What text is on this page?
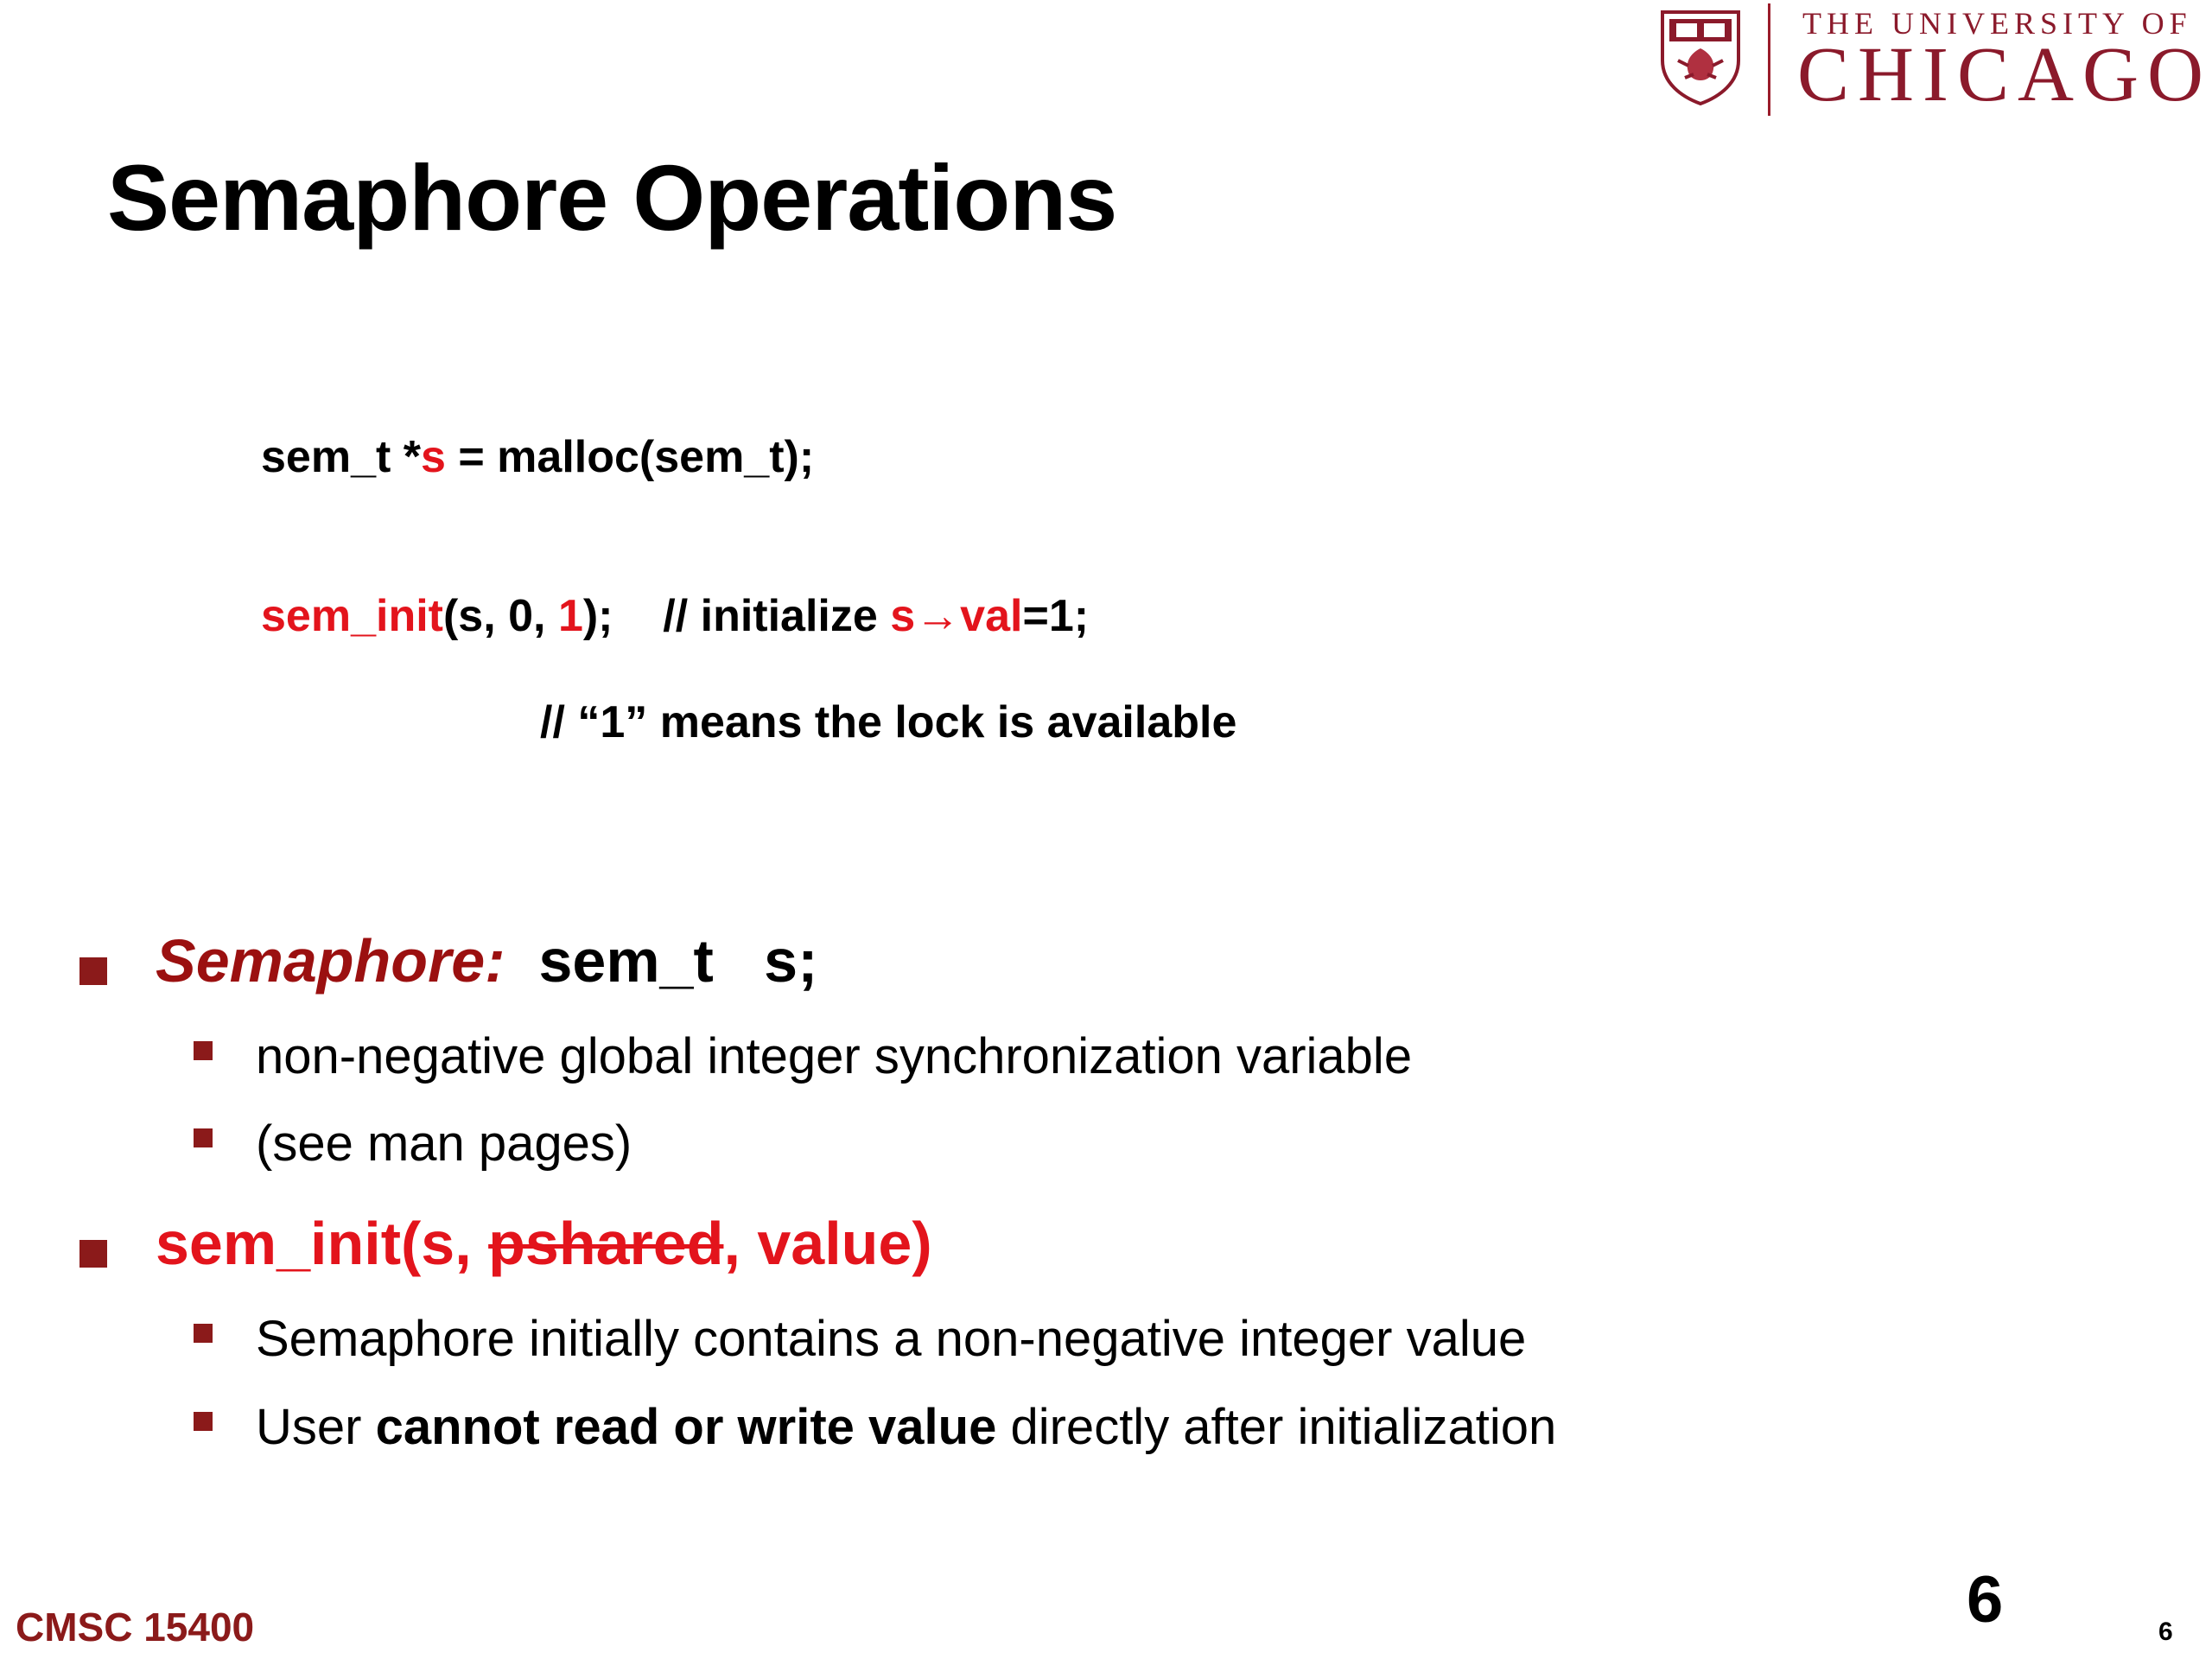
THE UNIVERSITY OF
CHICAGO
Semaphore Operations
sem_t *s = malloc(sem_t);
sem_init(s, 0, 1);    // initialize s→val=1;
// “1” means the lock is available
Semaphore:  sem_t   s;
non-negative global integer synchronization variable
(see man pages)
sem_init(s, pshared, value)
Semaphore initially contains a non-negative integer value
User cannot read or write value directly after initialization
CMSC 15400	6	6
